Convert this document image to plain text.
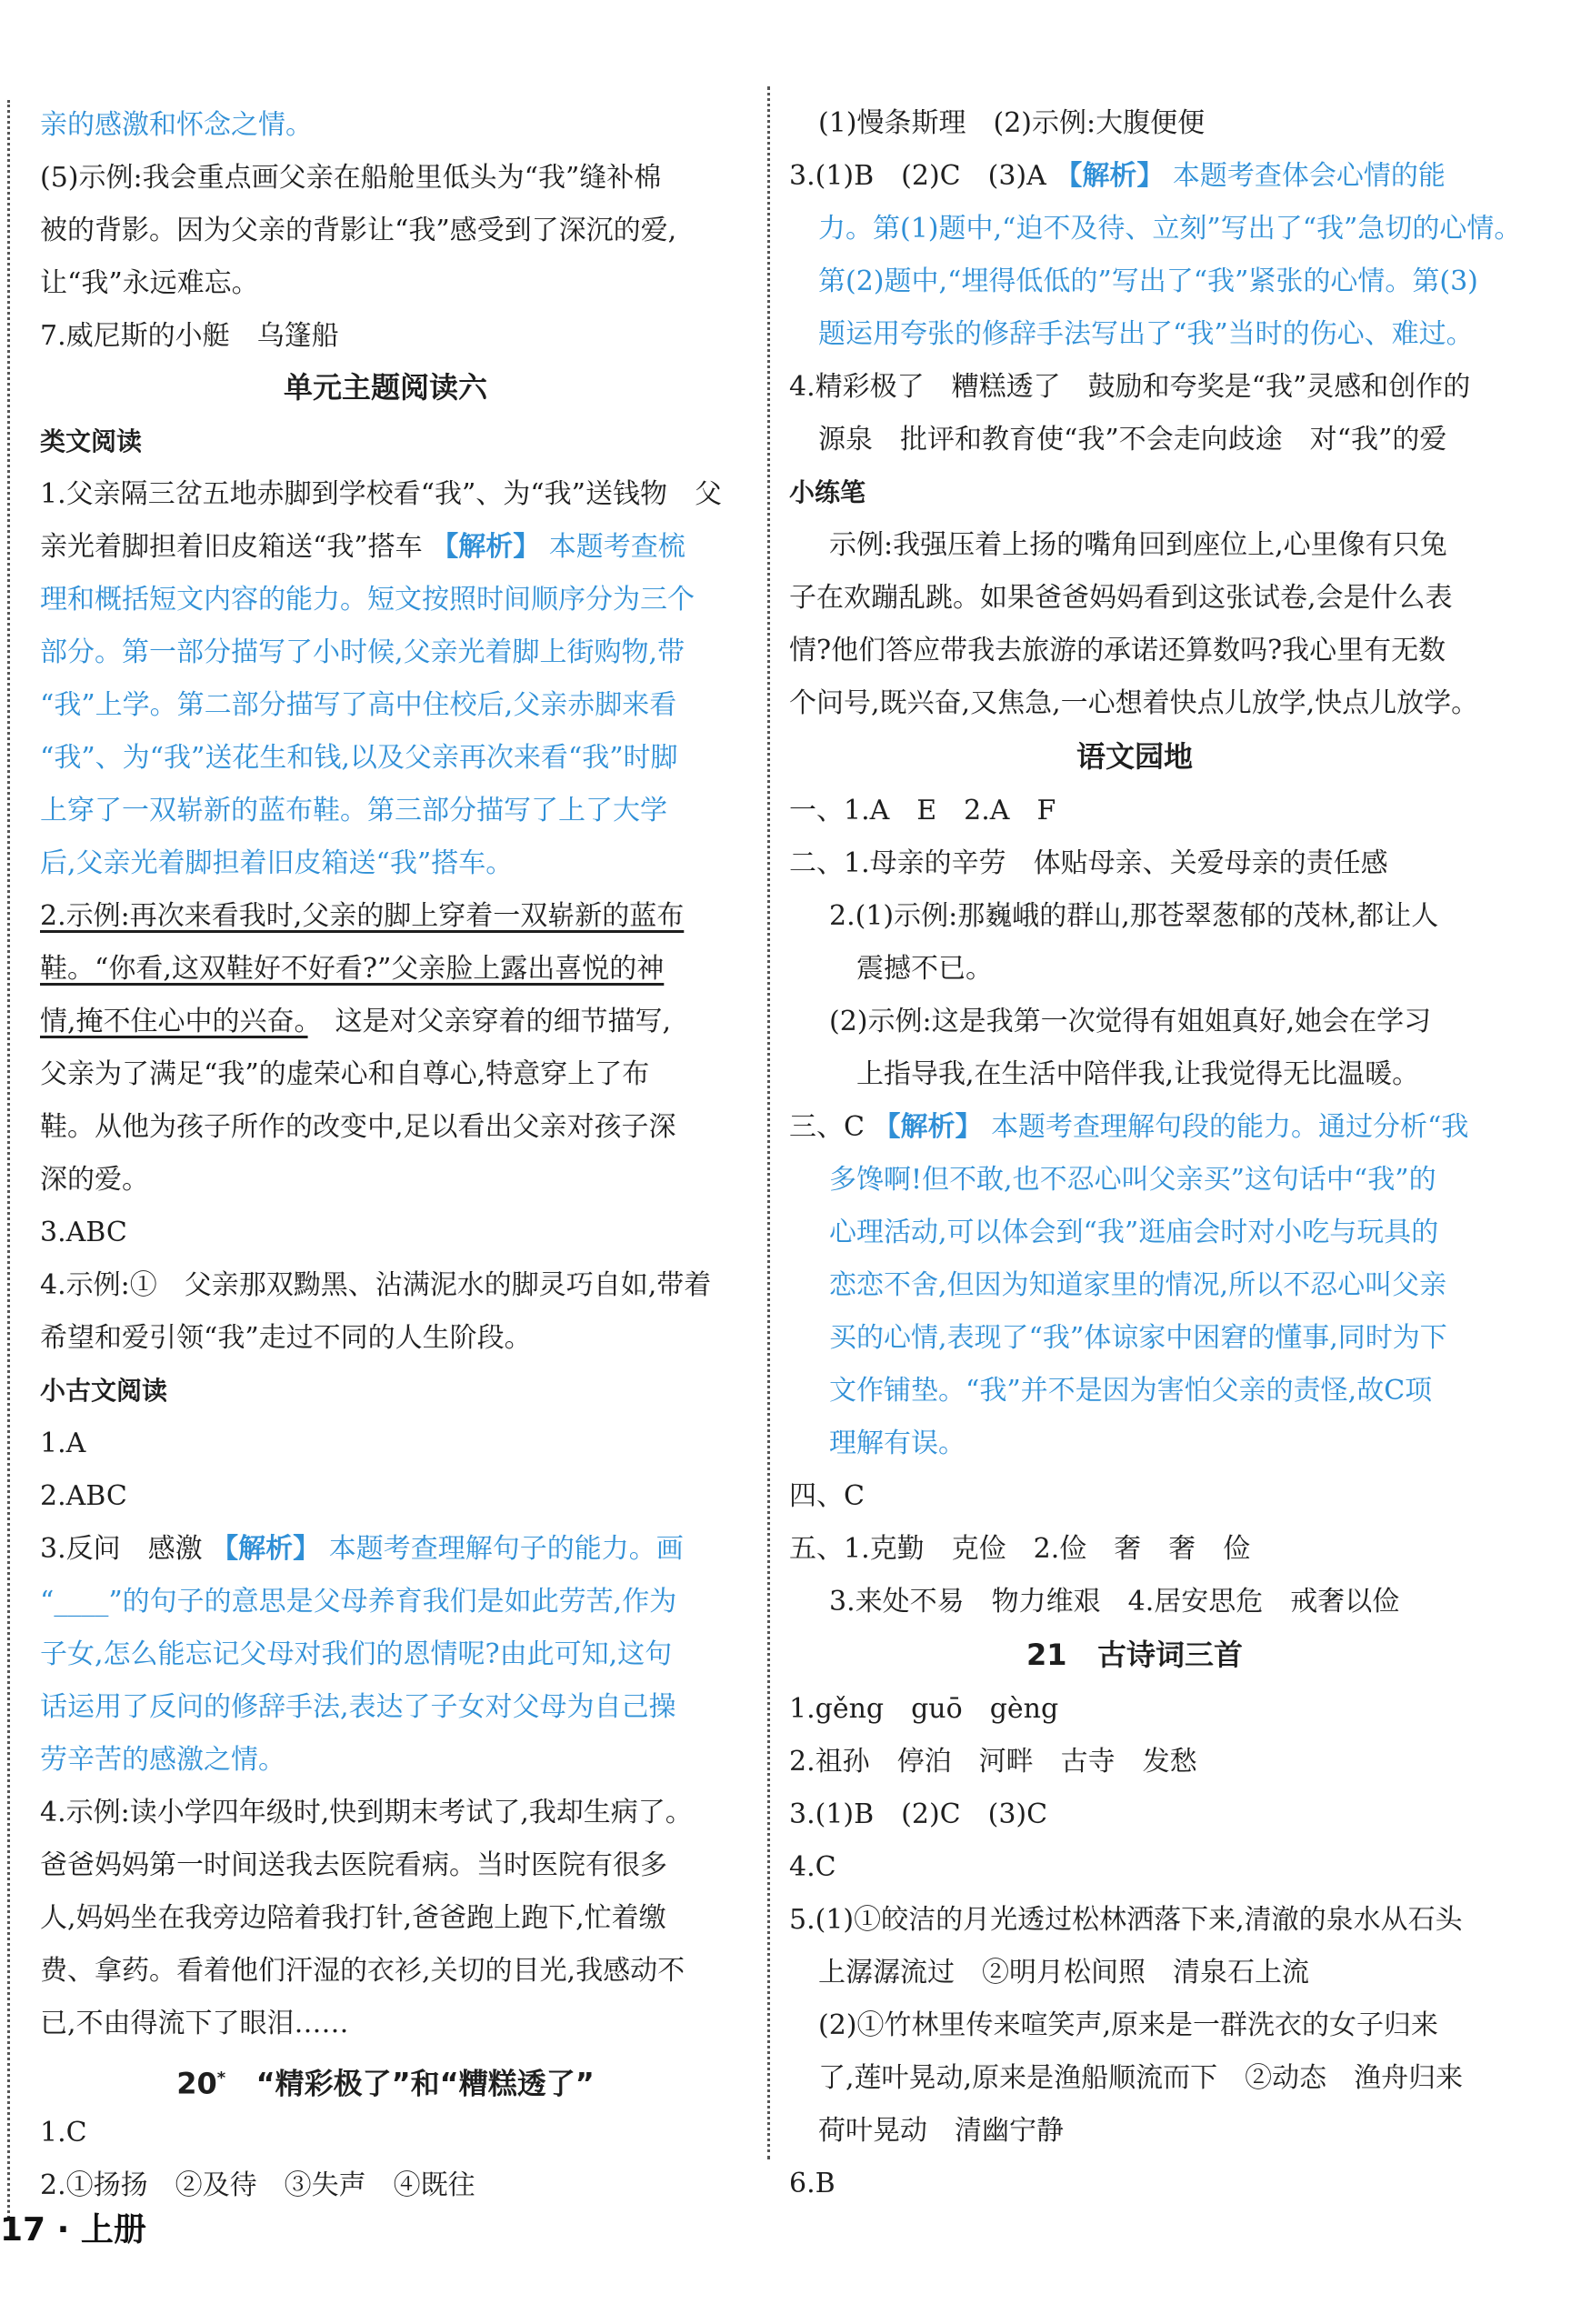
亲的感激和怀念之情。
(5)示例:我会重点画父亲在船舱里低头为“我”缝补棉
被的背影。因为父亲的背影让“我”感受到了深沉的爱,
让“我”永远难忘。
7.威尼斯的小艇　乌篷船
单元主题阅读六
类文阅读
1.父亲隔三岔五地赤脚到学校看“我”、为“我”送钱物　父
亲光着脚担着旧皮箱送“我”搭车 【解析】 本题考查梳
理和概括短文内容的能力。短文按照时间顺序分为三个
部分。第一部分描写了小时候,父亲光着脚上街购物,带
“我”上学。第二部分描写了高中住校后,父亲赤脚来看
“我”、为“我”送花生和钱,以及父亲再次来看“我”时脚
上穿了一双崭新的蓝布鞋。第三部分描写了上了大学
后,父亲光着脚担着旧皮箱送“我”搭车。
2.示例:再次来看我时,父亲的脚上穿着一双崭新的蓝布
鞋。“你看,这双鞋好不好看?”父亲脸上露出喜悦的神
情,掩不住心中的兴奋。　这是对父亲穿着的细节描写,
父亲为了满足“我”的虚荣心和自尊心,特意穿上了布
鞋。从他为孩子所作的改变中,足以看出父亲对孩子深
深的爱。
3.ABC
4.示例:①　父亲那双黝黑、沾满泥水的脚灵巧自如,带着
希望和爱引领“我”走过不同的人生阶段。
小古文阅读
1.A
2.ABC
3.反问　感激 【解析】 本题考查理解句子的能力。画
“____”的句子的意思是父母养育我们是如此劳苦,作为
子女,怎么能忘记父母对我们的恩情呢?由此可知,这句
话运用了反问的修辞手法,表达了子女对父母为自己操
劳辛苦的感激之情。
4.示例:读小学四年级时,快到期末考试了,我却生病了。
爸爸妈妈第一时间送我去医院看病。当时医院有很多
人,妈妈坐在我旁边陪着我打针,爸爸跑上跑下,忙着缴
费、拿药。看着他们汗湿的衣衫,关切的目光,我感动不
已,不由得流下了眼泪……
20* “精彩极了”和“糟糕透了”
1.C
2.①扬扬　②及待　③失声　④既往
(1)慢条斯理　(2)示例:大腹便便
3.(1)B　(2)C　(3)A 【解析】 本题考查体会心情的能
力。第(1)题中,“迫不及待、立刻”写出了“我”急切的心情。
第(2)题中,“埋得低低的”写出了“我”紧张的心情。第(3)
题运用夸张的修辞手法写出了“我”当时的伤心、难过。
4.精彩极了　糟糕透了　鼓励和夸奖是“我”灵感和创作的
源泉　批评和教育使“我”不会走向歧途　对“我”的爱
小练笔
示例:我强压着上扬的嘴角回到座位上,心里像有只兔
子在欢蹦乱跳。如果爸爸妈妈看到这张试卷,会是什么表
情?他们答应带我去旅游的承诺还算数吗?我心里有无数
个问号,既兴奋,又焦急,一心想着快点儿放学,快点儿放学。
语文园地
一、1.A　E　2.A　F
二、1.母亲的辛劳　体贴母亲、关爱母亲的责任感
2.(1)示例:那巍峨的群山,那苍翠葱郁的茂林,都让人
震撼不已。
(2)示例:这是我第一次觉得有姐姐真好,她会在学习
上指导我,在生活中陪伴我,让我觉得无比温暖。
三、C 【解析】 本题考查理解句段的能力。通过分析“我
多馋啊!但不敢,也不忍心叫父亲买”这句话中“我”的
心理活动,可以体会到“我”逛庙会时对小吃与玩具的
恋恋不舍,但因为知道家里的情况,所以不忍心叫父亲
买的心情,表现了“我”体谅家中困窘的懂事,同时为下
文作铺垫。“我”并不是因为害怕父亲的责怪,故C项
理解有误。
四、C
五、1.克勤　克俭　2.俭　奢　奢　俭
3.来处不易　物力维艰　4.居安思危　戒奢以俭
21 古诗词三首
1.gěng　guō　gèng
2.祖孙　停泊　河畔　古寺　发愁
3.(1)B　(2)C　(3)C
4.C
5.(1)①皎洁的月光透过松林洒落下来,清澈的泉水从石头
上潺潺流过　②明月松间照　清泉石上流
(2)①竹林里传来喧笑声,原来是一群洗衣的女子归来
了,莲叶晃动,原来是渔船顺流而下　②动态　渔舟归来
荷叶晃动　清幽宁静
6.B
17 · 上册
